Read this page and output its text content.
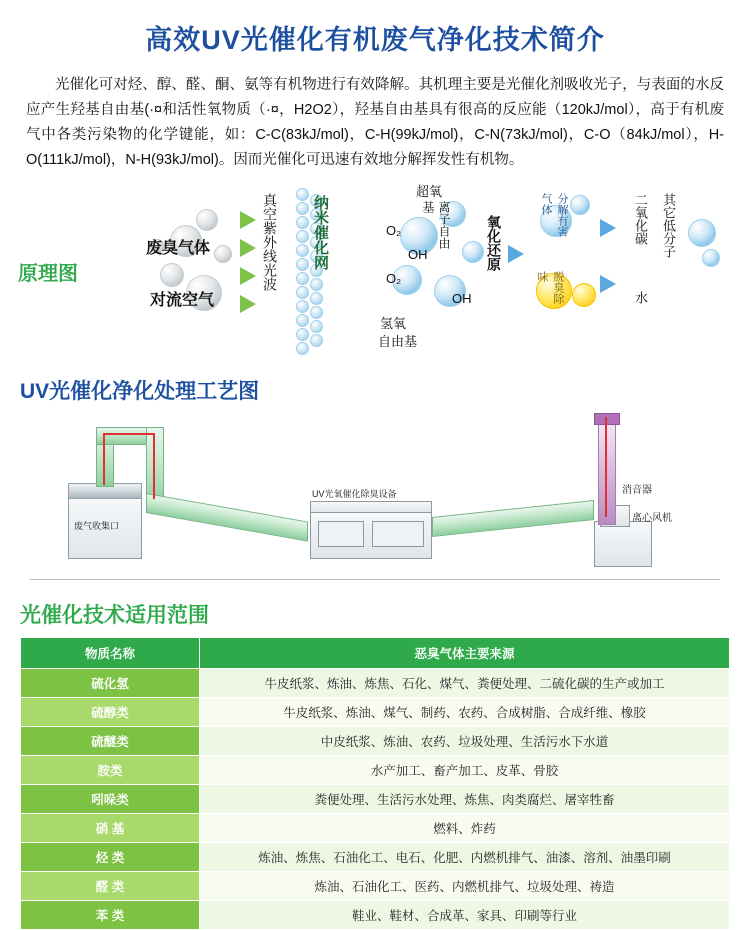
高效UV光催化有机废气净化技术简介
光催化可对烃、醇、醛、酮、氨等有机物进行有效降解。其机理主要是光催化剂吸收光子，与表面的水反应产生羟基自由基(·¤和活性氧物质（·¤，H2O2），羟基自由基具有很高的反应能（120kJ/mol），高于有机废气中各类污染物的化学键能，如：C-C(83kJ/mol)，C-H(99kJ/mol)，C-N(73kJ/mol)，C-O（84kJ/mol），H-O(111kJ/mol)，N-H(93kJ/mol)。因而光催化可迅速有效地分解挥发性有机物。
原理图
废臭气体
对流空气
真空紫外线光波 纳米催化网	O₂
O₂
OH
OH
超氧
离子自由基
氢氧
自由基
氧化还原	分解有害气体
脱臭除味
二氧化碳 其它低分子
水
UV光催化净化处理工艺图
废气收集口
UV光氧催化除臭设备
离心风机
消音器
光催化技术适用范围
物质名称	恶臭气体主要来源
硫化氢	牛皮纸浆、炼油、炼焦、石化、煤气、粪便处理、二硫化碳的生产或加工
硫醇类	牛皮纸浆、炼油、煤气、制药、农药、合成树脂、合成纤维、橡胶
硫醚类	中皮纸浆、炼油、农药、垃圾处理、生活污水下水道
胺类	水产加工、畜产加工、皮革、骨胶
吲哚类	粪便处理、生活污水处理、炼焦、肉类腐烂、屠宰牲畜
硝 基	燃料、炸药
烃 类	炼油、炼焦、石油化工、电石、化肥、内燃机排气、油漆、溶剂、油墨印刷
醛 类	炼油、石油化工、医药、内燃机排气、垃圾处理、祷造
苯 类	鞋业、鞋材、合成革、家具、印刷等行业
